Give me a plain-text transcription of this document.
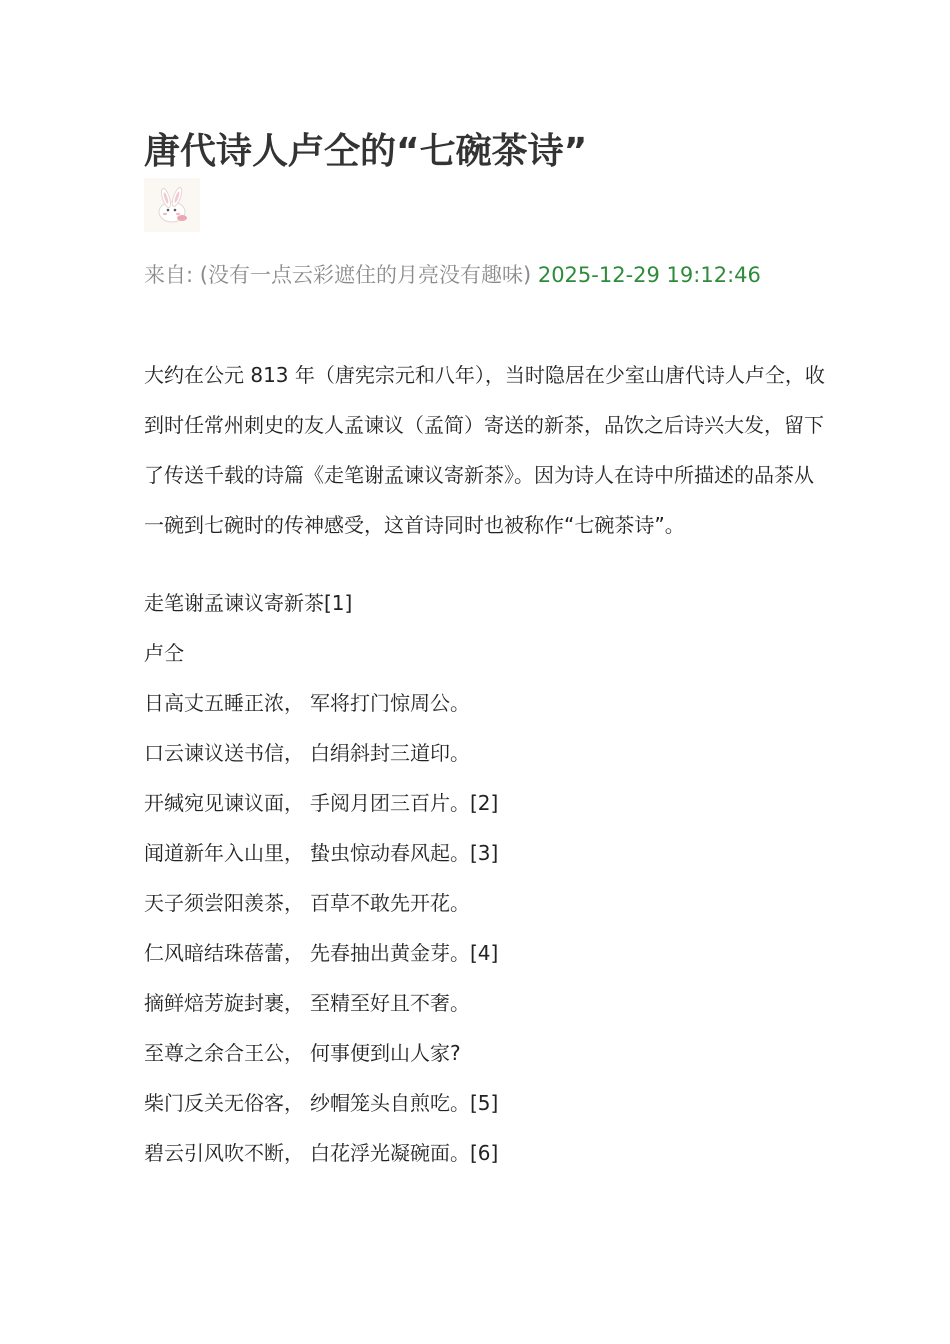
唐代诗人卢仝的“七碗茶诗”
来自: (没有一点云彩遮住的月亮没有趣味) 2025-12-29 19:12:46

大约在公元 813 年（唐宪宗元和八年），当时隐居在少室山唐代诗人卢仝，收

到时任常州刺史的友人孟谏议（孟简）寄送的新茶，品饮之后诗兴大发，留下

了传送千载的诗篇《走笔谢孟谏议寄新茶》。因为诗人在诗中所描述的品茶从

一碗到七碗时的传神感受，这首诗同时也被称作“七碗茶诗”。

走笔谢孟谏议寄新茶[1]
卢仝
日高丈五睡正浓， 军将打门惊周公。
口云谏议送书信， 白绢斜封三道印。
开缄宛见谏议面， 手阅月团三百片。[2]
闻道新年入山里， 蛰虫惊动春风起。[3]
天子须尝阳羡茶， 百草不敢先开花。
仁风暗结珠蓓蕾， 先春抽出黄金芽。[4]
摘鲜焙芳旋封裹， 至精至好且不奢。
至尊之余合王公， 何事便到山人家?
柴门反关无俗客， 纱帽笼头自煎吃。[5]
碧云引风吹不断， 白花浮光凝碗面。[6]
